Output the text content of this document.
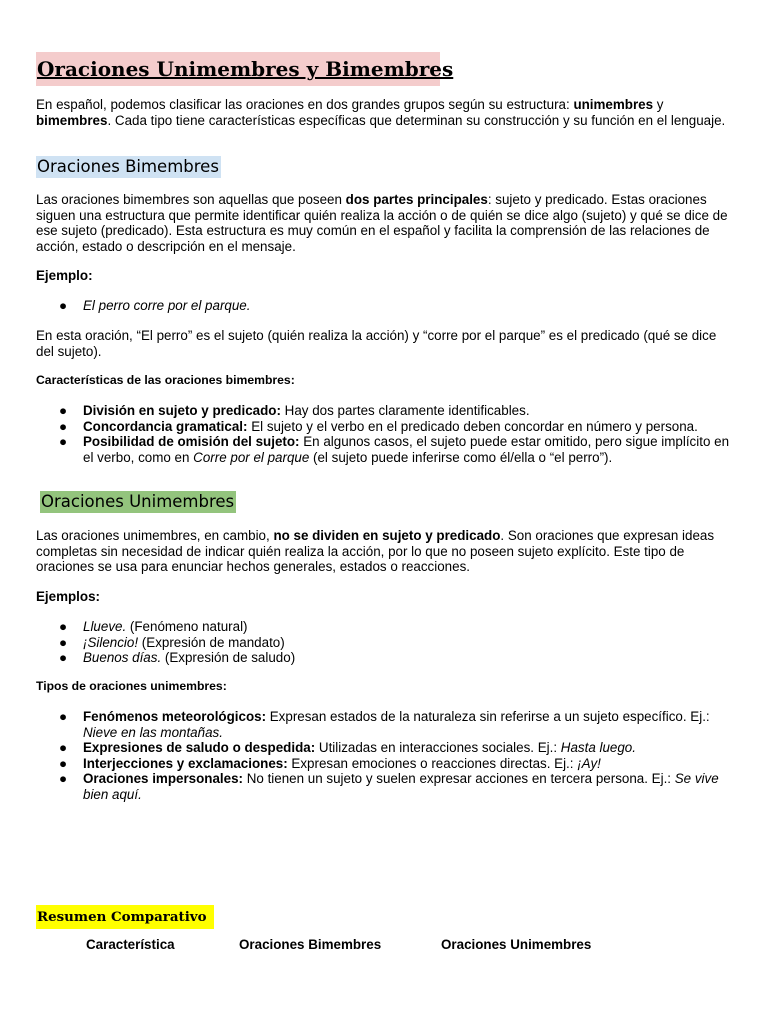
Oraciones Unimembres y Bimembres

En español, podemos clasificar las oraciones en dos grandes grupos según su estructura: unimembres y bimembres. Cada tipo tiene características específicas que determinan su construcción y su función en el lenguaje.

Oraciones Bimembres

Las oraciones bimembres son aquellas que poseen dos partes principales: sujeto y predicado. Estas oraciones siguen una estructura que permite identificar quién realiza la acción o de quién se dice algo (sujeto) y qué se dice de ese sujeto (predicado). Esta estructura es muy común en el español y facilita la comprensión de las relaciones de acción, estado o descripción en el mensaje.

Ejemplo:

● El perro corre por el parque.

En esta oración, “El perro” es el sujeto (quién realiza la acción) y “corre por el parque” es el predicado (qué se dice del sujeto).

Características de las oraciones bimembres:

● División en sujeto y predicado: Hay dos partes claramente identificables.
● Concordancia gramatical: El sujeto y el verbo en el predicado deben concordar en número y persona.
● Posibilidad de omisión del sujeto: En algunos casos, el sujeto puede estar omitido, pero sigue implícito en el verbo, como en Corre por el parque (el sujeto puede inferirse como él/ella o “el perro”).
Oraciones Unimembres

Las oraciones unimembres, en cambio, no se dividen en sujeto y predicado. Son oraciones que expresan ideas completas sin necesidad de indicar quién realiza la acción, por lo que no poseen sujeto explícito. Este tipo de oraciones se usa para enunciar hechos generales, estados o reacciones.

Ejemplos:

● Llueve. (Fenómeno natural)
● ¡Silencio! (Expresión de mandato)
● Buenos días. (Expresión de saludo)

Tipos de oraciones unimembres:

● Fenómenos meteorológicos: Expresan estados de la naturaleza sin referirse a un sujeto específico. Ej.: Nieve en las montañas.
● Expresiones de saludo o despedida: Utilizadas en interacciones sociales. Ej.: Hasta luego.
● Interjecciones y exclamaciones: Expresan emociones o reacciones directas. Ej.: ¡Ay!
● Oraciones impersonales: No tienen un sujeto y suelen expresar acciones en tercera persona. Ej.: Se vive bien aquí.
Resumen Comparativo
Característica	Oraciones Bimembres	Oraciones Unimembres
